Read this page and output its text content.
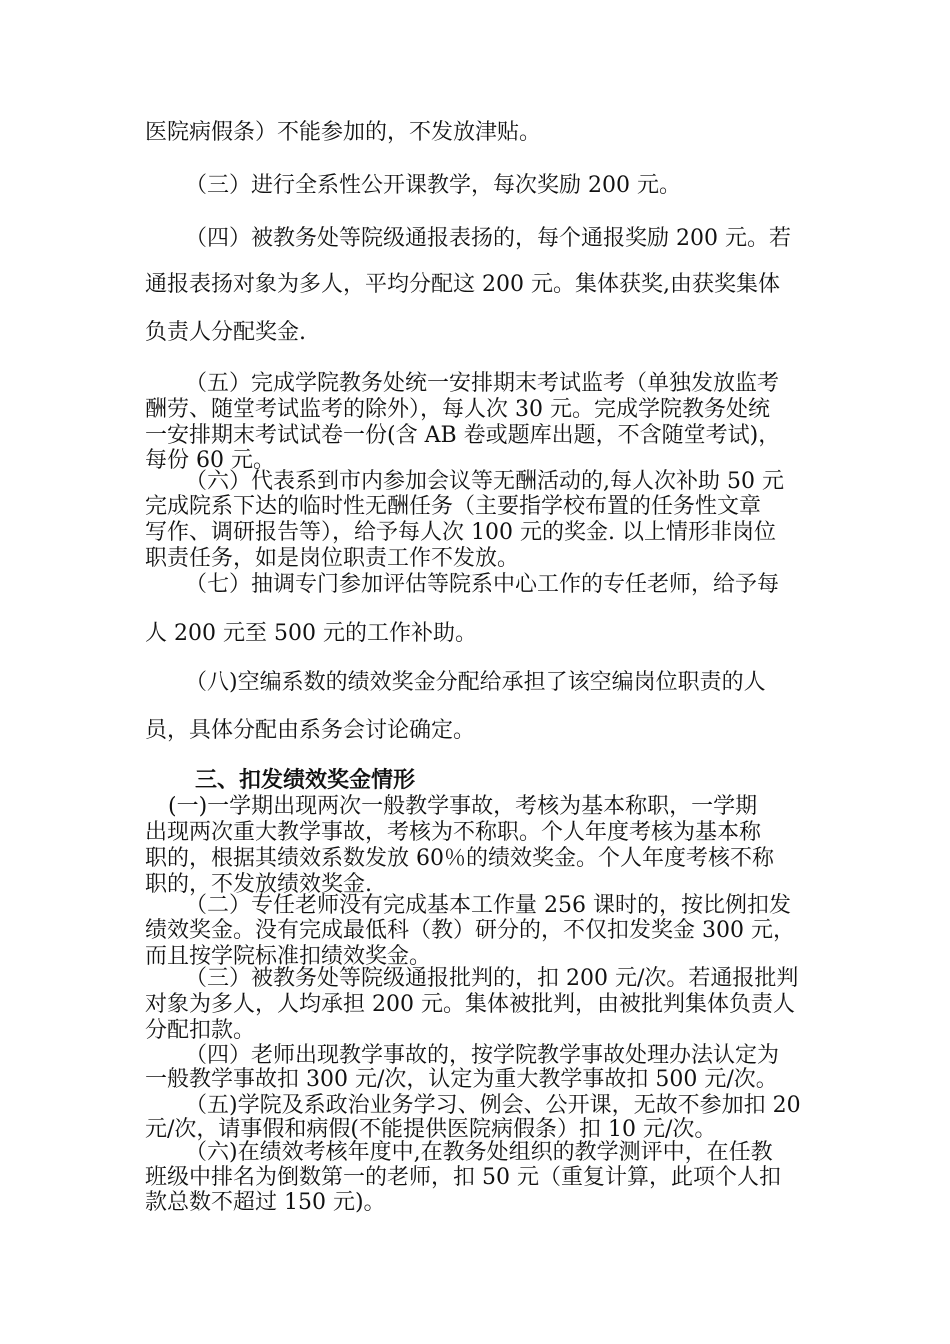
医院病假条）不能参加的，不发放津贴。
（三）进行全系性公开课教学，每次奖励 200 元。
（四）被教务处等院级通报表扬的，每个通报奖励 200 元。若
通报表扬对象为多人，平均分配这 200 元。集体获奖,由获奖集体
负责人分配奖金.
（五）完成学院教务处统一安排期末考试监考（单独发放监考
酬劳、随堂考试监考的除外），每人次 30 元。完成学院教务处统
一安排期末考试试卷一份(含 AB 卷或题库出题，不含随堂考试)，
每份 60 元。
（六）代表系到市内参加会议等无酬活动的,每人次补助 50 元
完成院系下达的临时性无酬任务（主要指学校布置的任务性文章
写作、调研报告等），给予每人次 100 元的奖金. 以上情形非岗位
职责任务，如是岗位职责工作不发放。
（七）抽调专门参加评估等院系中心工作的专任老师，给予每
人 200 元至 500 元的工作补助。
（八)空编系数的绩效奖金分配给承担了该空编岗位职责的人
员，具体分配由系务会讨论确定。
三、扣发绩效奖金情形
(一)一学期出现两次一般教学事故，考核为基本称职，一学期
出现两次重大教学事故，考核为不称职。个人年度考核为基本称
职的，根据其绩效系数发放 60％的绩效奖金。个人年度考核不称
职的，不发放绩效奖金.
（二）专任老师没有完成基本工作量 256 课时的，按比例扣发
绩效奖金。没有完成最低科（教）研分的，不仅扣发奖金 300 元，
而且按学院标准扣绩效奖金。
（三）被教务处等院级通报批判的，扣 200 元/次。若通报批判
对象为多人，人均承担 200 元。集体被批判，由被批判集体负责人
分配扣款。
（四）老师出现教学事故的，按学院教学事故处理办法认定为
一般教学事故扣 300 元/次，认定为重大教学事故扣 500 元/次。
（五)学院及系政治业务学习、例会、公开课，无故不参加扣 20
元/次，请事假和病假(不能提供医院病假条）扣 10 元/次。
（六)在绩效考核年度中,在教务处组织的教学测评中，在任教
班级中排名为倒数第一的老师，扣 50 元（重复计算，此项个人扣
款总数不超过 150 元)。
